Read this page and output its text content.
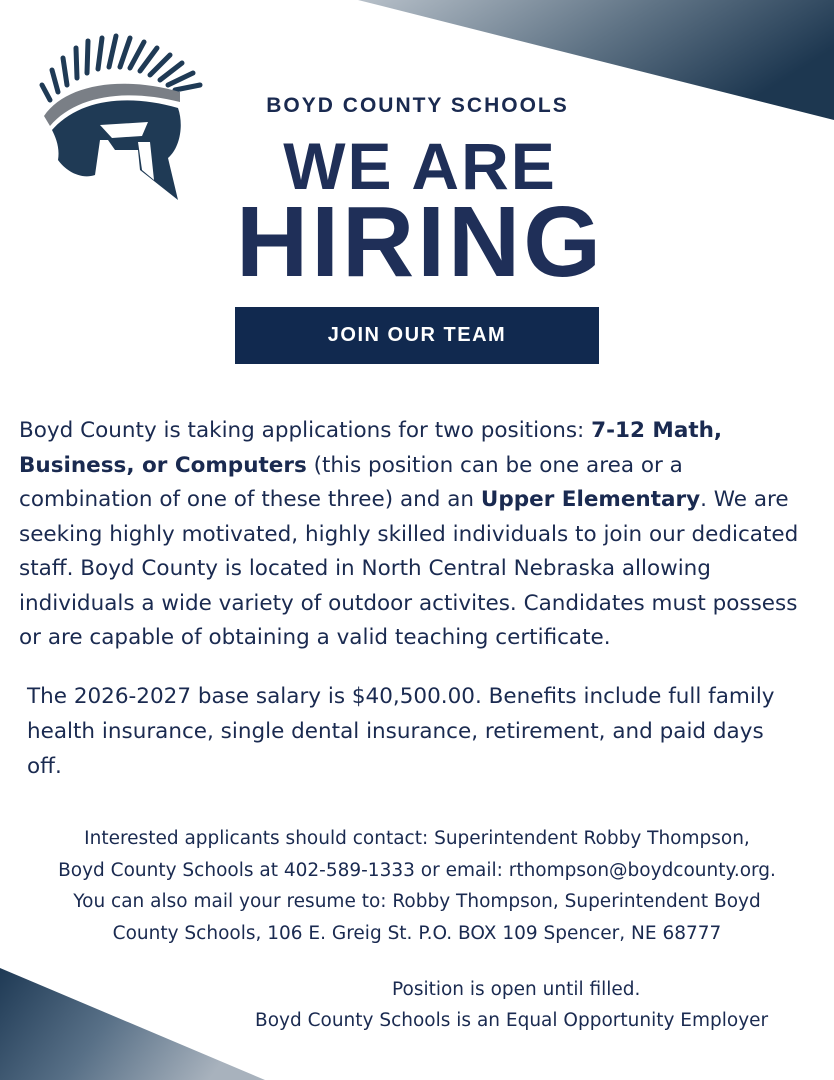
BOYD COUNTY SCHOOLS
WE ARE
HIRING
JOIN OUR TEAM

Boyd County is taking applications for two positions: 7-12 Math, Business, or Computers (this position can be one area or a combination of one of these three) and an Upper Elementary. We are seeking highly motivated, highly skilled individuals to join our dedicated staff. Boyd County is located in North Central Nebraska allowing individuals a wide variety of outdoor activites. Candidates must possess or are capable of obtaining a valid teaching certificate.

The 2026-2027 base salary is $40,500.00. Benefits include full family health insurance, single dental insurance, retirement, and paid days off.

Interested applicants should contact: Superintendent Robby Thompson,
Boyd County Schools at 402-589-1333 or email: rthompson@boydcounty.org.
You can also mail your resume to: Robby Thompson, Superintendent Boyd
County Schools, 106 E. Greig St. P.O. BOX 109 Spencer, NE 68777

Position is open until filled.
Boyd County Schools is an Equal Opportunity Employer
